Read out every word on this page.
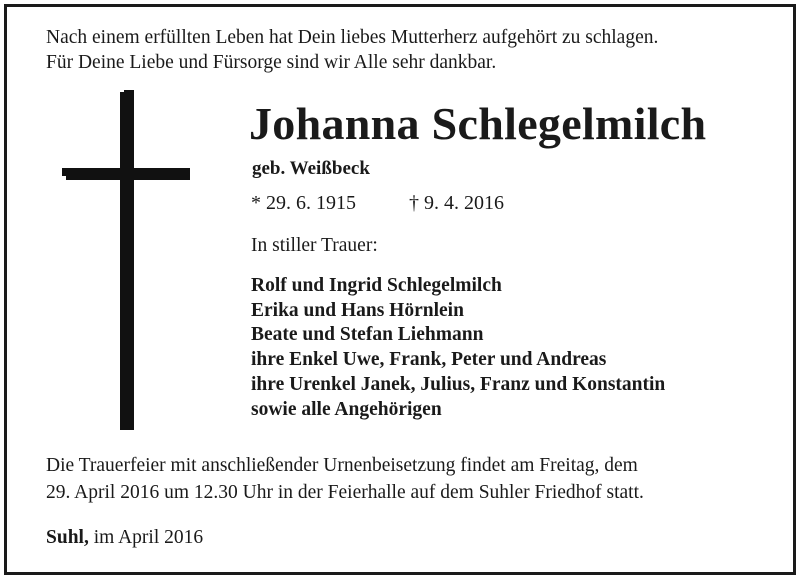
Nach einem erfüllten Leben hat Dein liebes Mutterherz aufgehört zu schlagen.
Für Deine Liebe und Fürsorge sind wir Alle sehr dankbar.
Johanna Schlegelmilch
geb. Weißbeck
* 29. 6. 1915	† 9. 4. 2016
In stiller Trauer:
Rolf und Ingrid Schlegelmilch
Erika und Hans Hörnlein
Beate und Stefan Liehmann
ihre Enkel Uwe, Frank, Peter und Andreas
ihre Urenkel Janek, Julius, Franz und Konstantin
sowie alle Angehörigen
Die Trauerfeier mit anschließender Urnenbeisetzung findet am Freitag, dem
29. April 2016 um 12.30 Uhr in der Feierhalle auf dem Suhler Friedhof statt.
Suhl, im April 2016
